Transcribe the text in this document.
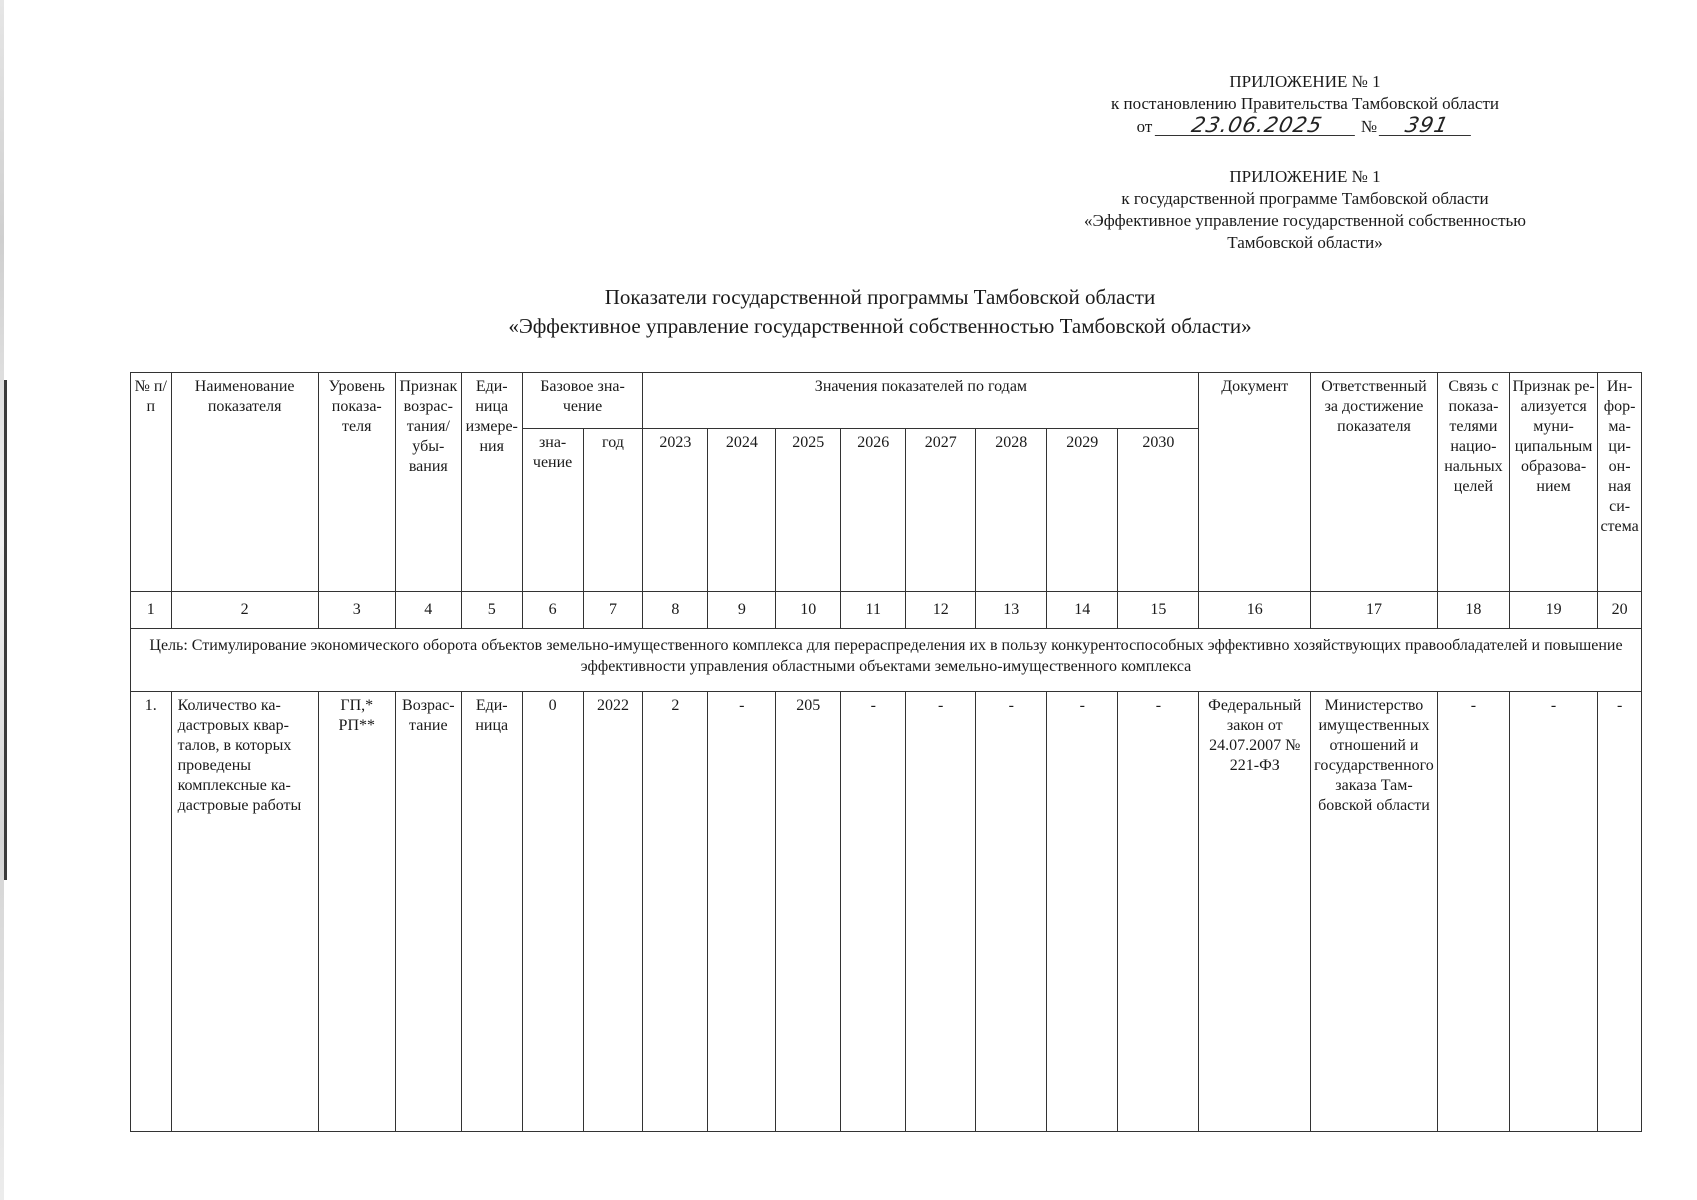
ПРИЛОЖЕНИЕ № 1
к постановлению Правительства Тамбовской области
от 23.06.2025 № 391
ПРИЛОЖЕНИЕ № 1
к государственной программе Тамбовской области
«Эффективное управление государственной собственностью
Тамбовской области»
Показатели государственной программы Тамбовской области
«Эффективное управление государственной собственностью Тамбовской области»
№ п/п	Наименование показателя	Уровень показателя	Признак возрастания/ убывания	Единица измерения	Базовое значение		Значения показателей по годам								Документ	Ответственный за достижение показателя	Связь с показателями национальных целей	Признак реализуется муниципальным образованием	Информационная система
					значение	год	2023	2024	2025	2026	2027	2028	2029	2030					
1	2	3	4	5	6	7	8	9	10	11	12	13	14	15	16	17	18	19	20
Цель: Стимулирование экономического оборота объектов земельно-имущественного комплекса для перераспределения их в пользу конкурентоспособных эффективно хозяйствующих правообладателей и повышение эффективности управления областными объектами земельно-имущественного комплекса																			
1.	Количество кадастровых кварталов, в которых проведены комплексные кадастровые работы	ГП,* РП**	Возрастание	Единица	0	2022	2	-	205	-	-	-	-	-	Федеральный закон от 24.07.2007 № 221-ФЗ	Министерство имущественных отношений и государственного заказа Тамбовской области	-	-	-
